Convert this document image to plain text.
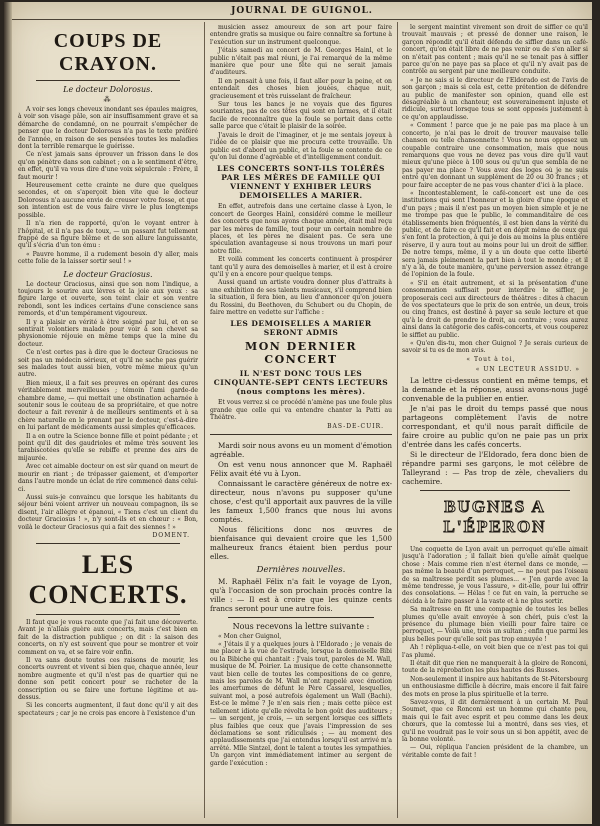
JOURNAL DE GUIGNOL.
COUPS DE CRAYON.
Le docteur Dolorosus.
⁂

A voir ses longs cheveux inondant ses épaules maigres, à voir son visage pâle, son air insuffisamment grave et sa démarche de condamné, on ne pourrait s'empêcher de penser que le docteur Dolorosus n'a pas le texte préféré de l'année, en raison de ses pensées toutes les maladies dont la terrible remarque le guérisse.

Ce n'est jamais sans éprouver un frisson dans le dos qu'on pénètre dans son cabinet ; on a le sentiment d'être, en effet, qu'il va vous dire d'une voix sépulcrale : Frère, il faut mourir !

Heureusement cette crainte ne dure que quelques secondes, et on s'aperçoit bien vite que le docteur Dolorosus n'a aucune envie de creuser votre fosse, et que son intention est de vous faire vivre le plus longtemps possible.

Il n'a rien de rapporté, qu'on le voyant entrer à l'hôpital, et il n'a pas de toux, — un passant fut tellement frappé de sa figure blême et de son allure languissante, qu'il s'écria d'un ton ému :

« Pauvre homme, il a rudement besoin d'y aller, mais cette folie de la laisser sortir seul ! »

Le docteur Graciosus.

Le docteur Graciosus, ainsi que son nom l'indique, a toujours le sourire aux lèvres et la joie aux yeux : sa figure large et ouverte, son teint clair et son ventre rebondi, sont les indices certains d'une conscience sans remords, et d'un tempérament vigoureux.

Il y a plaisir en vérité à être soigné par lui, et on se sentirait volontiers malade pour voir à son chevet sa physionomie réjouie en même temps que la mine du docteur.

Ce n'est certes pas à dire que le docteur Graciosus ne soit pas un médecin sérieux, et qu'il ne sache pas guérir ses malades tout aussi bien, votre même mieux qu'un autre.

Bien mieux, il a fait ses preuves en opérant des cures véritablement merveilleuses ; témoin l'ami garde-de chambre dame, — qui mettait une obstination acharnée à soutenir sous le couteau de sa propriétaire, et que notre docteur a fait revenir à de meilleurs sentiments et à sa chère naturelle en le prenant par le docteur, c'est-à-dire en lui parlant de médicaments aussi simples qu'efficaces.

Il a en outre la Science bonne fille et point pédante ; et point qu'il dit des gaudrioles et même très souvent les tarabiscotées qu'elle se rebiffe et prenne des airs de mijaurée.

Avec cet aimable docteur on est sûr quand on meurt de mourir en riant ; de trépasser gaiement, et d'emporter dans l'autre monde un éclat de rire commencé dans celui-ci.

Aussi suis-je convaincu que lorsque les habitants du séjour béni voient arriver un nouveau compagnon, ils se disent, l'air allègre et épanoui, « Tiens c'est un client du docteur Graciosus ! », n'y sont-ils et en chœur : « Bon, voilà le docteur Graciosus qui a fait des siennes ! »

DOMENT.
LES CONCERTS.

Il faut que je vous raconte que j'ai fait une découverte. Avant je n'allais guère aux concerts, mais c'est bien en fait de la distraction publique ; on dit : la saison des concerts, on n'y est souvent que pour se montrer et voir comment on va, et se faire voir enfin.

Il va sans doute toutes ces raisons de mourir, les concerts ouvrent et vivent si bien que, chaque année, leur nombre augmente et qu'il n'est pas de quartier qui ne donne son petit concert pour se racheter de la conscription ou se faire une fortune légitime et au-dessus.

Si les concerts augmentent, il faut donc qu'il y ait des spectateurs ; car je ne crois pas encore à l'existence d'un

musicien assez amoureux de son art pour faire entendre gratis sa musique ou faire connaître sa fortune à l'exécution sur un instrument quelconque.

J'étais samedi au concert de M. Georges Hainl, et le public n'était pas mal réuni, je l'ai remarqué de la même manière que pour une fête qui ne serait jamais d'auditeurs.

Il en pensait à une fois, il faut aller pour la peine, et on entendait des choses bien jouées, chaque nuit, gracieusement et très ruisselant de fraîcheur.

Sur tous les bancs je ne voyais que des figures souriantes, pas de ces têtes qui sont en larmes, et il était facile de reconnaître que la foule se portait dans cette salle parce que c'était le plaisir de la soirée.

J'avais le droit de l'imaginer, et je me sentais joyeux à l'idée de ce plaisir que me procura cette trouvaille. Un public est d'abord un public, et la foule se contente de ce qu'on lui donne d'agréable et d'intelligemment conduit.

LES CONCERTS SONT-ILS TOLÉRÉS PAR LES MÈRES DE FAMILLE QUI VIENNENT Y EXHIBER LEURS DEMOISELLES A MARIER.

En effet, autrefois dans une certaine classe à Lyon, le concert de Georges Hainl, considéré comme le meilleur des concerts que nous ayons chaque année, était mal reçu par les mères de famille, tout pour un certain nombre de places, et les pères ne disaient pas. Ce sera une spéculation avantageuse si nous trouvons un mari pour notre fille.

Et voilà comment les concerts continuent à prospérer tant qu'il y aura des demoiselles à marier, et il est à croire qu'il y en a encore pour quelque temps.

Aussi quand un artiste voudra donner plus d'attraits à une exhibition de ses talents musicaux, s'il comprend bien la situation, il fera bien, au lieu d'annoncer qu'on jouera du Rossini, du Beethoven, du Schubert ou du Chopin, de faire mettre en vedette sur l'affiche :

LES DEMOISELLES A MARIER SERONT ADMIS
MON DERNIER CONCERT
IL N'EST DONC TOUS LES CINQUANTE-SEPT CENTS LECTEURS (nous comptons les mères).

Et vous verrez si ce procédé n'amène pas une foule plus grande que celle qui va entendre chanter la Patti au Théâtre.

BAS-DE-CUIR.

Mardi soir nous avons eu un moment d'émotion agréable.

On est venu nous annoncer que M. Raphaël Félix avait été vu à Lyon.

Connaissant le caractère généreux de notre ex-directeur, nous n'avons pu supposer qu'une chose, c'est qu'il apportait aux pauvres de la ville les fameux 1,500 francs que nous lui avons comptés.

Nous félicitions donc nos œuvres de bienfaisance qui devaient croire que les 1,500 malheureux francs étaient bien perdus pour elles.

Dernières nouvelles.

M. Raphaël Félix n'a fait le voyage de Lyon, qu'à l'occasion de son prochain procès contre la ville : — Il est à croire que les quinze cents francs seront pour une autre fois.

Nous recevons la lettre suivante :

« Mon cher Guignol,

« J'étais il y a quelques jours à l'Eldorado ; je venais de me placer à la vue de l'estrade, lorsque la demoiselle Bibi ou la Bibiche qui chantait : J'vais tout, paroles de M. Wall, musique de M. Poirier. La musique de cette chansonnette vaut bien celle de toutes les compositions de ce genre, mais les paroles de M. Wall m'ont rappelé avec émotion les amertumes de défunt le Père Cassarel, lesquelles, suivant moi, a posé autrefois également un Wall (Bachi). Est-ce le même ? Je n'en sais rien ; mais cette pièce est tellement idiote qu'elle révolta le bon goût des auditeurs ; — un sergent, je crois, — un sergent lorsque ces sifflets plus faibles que ceux que j'avais l'impression de ses déclamations se sont ridiculisés ; — au moment des applaudissements que j'ai entendus lorsqu'il est arrivé m'a arrêté. Mlle Sintzel, dont le talent a toutes les sympathies. Un garçon vint immédiatement intimer au sergent de garde l'exécution :

le sergent maintint vivement son droit de siffler ce qu'il trouvait mauvais ; et pressé de donner une raison, le garçon répondit qu'il était défendu de siffler dans un café-concert, qu'on était libre de ne pas venir ou de s'en aller si on n'était pas content ; mais qu'il ne se tenait pas à siffler parce qu'on ne paye pas sa place et qu'il n'y avait pas de contrôle au sergent par une meilleure conduite.

« Je ne sais si le directeur de l'Eldorado est de l'avis de son garçon ; mais si cela est, cette prétention de défendre au public de manifester son opinion, quand elle est désagréable à un chanteur, est souverainement injuste et ridicule, surtout lorsque tous se sont opposés justement à ce qu'on applaudisse.

« Comment ! parce que je ne paie pas ma place à un concerto, je n'ai pas le droit de trouver mauvaise telle chanson ou telle chansonnette ! Vous ne nous opposez un coupable contraire une consommation, mais que nous remarquons que vous ne devez pas vous dire qu'il vaut mieux qu'une pièce à 100 sous ou qu'un que sembla de ne pas payer ma place ? Vous avez des loges où je ne suis entré qu'en donnant un supplément de 20 ou 30 francs ; et pour faire accepter de ne pas vous chanter d'ici à la place.

« Incontestablement, le café-concert est une de ces institutions qui sont l'honneur et la gloire d'une époque et d'un pays ; mais il n'est pas un moyen bien simple et je ne me trompe pas que le public, le commanditaire de ces établissements bien fréquentés, il est bien dans la vérité du public, et de faire ce qu'il fait et en dépit même de ceux qui s'en font la protection, à qui je dois au moins la plus entière réserve, il y aura tout au moins pour lui un droit de siffler. De notre temps, même, il y a un doute que cette liberté sera jamais pleinement la part bien à tout le monde ; et il n'y a là, de toute manière, qu'une perversion assez étrange de l'opinion de la foule.

« S'il en était autrement, et si la présentation d'une consommation suffisait pour interdire le siffler, je proposerais ceci aux directeurs de théâtres : dites à chacun de vos spectateurs que le prix de son entrée, un deux, trois ou cinq francs, est destiné à payer sa seule lecture et que qu'à le droit de prendre le droit, au contraire ; vous aurez ainsi dans la catégorie des cafés-concerts, et vous couperez le sifflet au public.

« Qu'en dis-tu, mon cher Guignol ? Je serais curieux de savoir si tu es de mon avis.

« Tout à toi,
« UN LECTEUR ASSIDU. »

La lettre ci-dessus contient en même temps, et la demande et la réponse, aussi avons-nous jugé convenable de la publier en entier.

Je n'ai pas le droit du temps passé que nous partageons complètement l'avis de notre correspondant, et qu'il nous paraît difficile de faire croire au public qu'on ne paie pas un prix d'entrée dans les cafés concerts.

Si le directeur de l'Eldorado, fera donc bien de répandre parmi ses garçons, le mot célèbre de Talleyrand : — Pas trop de zèle, chevaliers du cachemire.

BUGNES A L'ÉPERON

Une coquette de Lyon avait un perroquet qu'elle aimait jusqu'à l'adoration ; il fallait bien qu'elle aimât quelque chose : Mais comme rien n'est éternel dans ce monde, — pas même la beauté d'un perroquet, — ne peut pas l'oiseau de sa maîtresse perdit ses plumes... « J'en garde avec la même tendresse, je vous l'assure, » dit-elle, pour lui offrir des consolations. — Hélas ! ce fut en vain, la perruche se décida à le faire passer à la vaste et à ne plus sortir.

Sa maîtresse en fit une compagnie de toutes les belles plumes qu'elle avait envoyée à son chéri, puis c'est la présence du plumage bien vieilli pour faire taire ce perroquet, — Voilà une, trois un sultan ; enfin que parmi les plus belles pour qu'elle soit pas trop ennuyée !

Ah ! répliqua-t-elle, on voit bien que ce n'est pas toi qui l'as plumé.

Il était dit que rien ne manquerait à la gloire de Ronconi, toute de la réprobation les plus hautes des Russes.

Non-seulement il inspire aux habitants de St-Pétersbourg un enthousiasme difficile à décrire, mais encore il fait faire des mots en prose la plus spirituelle et la terre.

Savez-vous, il dit dernièrement à un certain M. Paul Soumet, que ce Ronconi est un homme qui chante peu, mais qui le fait avec esprit et peu comme dans les deux chœurs, que la comtesse lui a montré, dans ses vies, et qu'il ne voudrait pas le voir sous un si bon appétit, avec de la bonne volonté.

— Oui, répliqua l'ancien président de la chambre, un véritable comte de fait !
